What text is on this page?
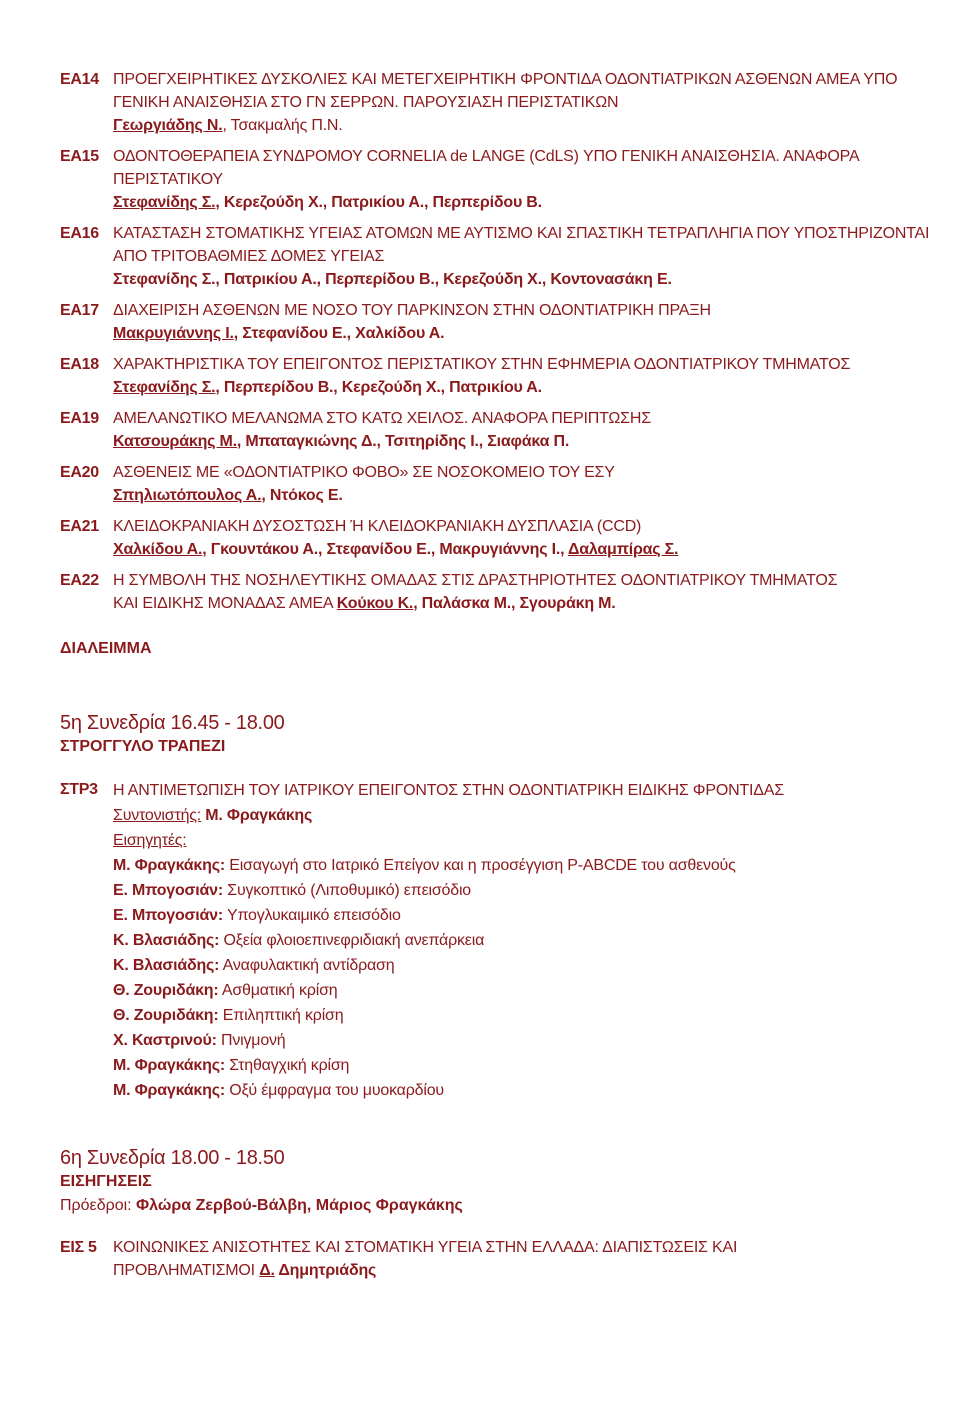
ΕΑ14 ΠΡΟΕΓΧΕΙΡΗΤΙΚΕΣ ΔΥΣΚΟΛΙΕΣ ΚΑΙ ΜΕΤΕΓΧΕΙΡΗΤΙΚΗ ΦΡΟΝΤΙΔΑ ΟΔΟΝΤΙΑΤΡΙΚΩΝ ΑΣΘΕΝΩΝ ΑΜΕΑ ΥΠΟ ΓΕΝΙΚΗ ΑΝΑΙΣΘΗΣΙΑ ΣΤΟ ΓΝ ΣΕΡΡΩΝ. ΠΑΡΟΥΣΙΑΣΗ ΠΕΡΙΣΤΑΤΙΚΩΝ
Γεωργιάδης Ν., Τσακμαλής Π.Ν.
ΕΑ15 ΟΔΟΝΤΟΘΕΡΑΠΕΙΑ ΣΥΝΔΡΟΜΟΥ CORNELIA de LANGE (CdLS) ΥΠΟ ΓΕΝΙΚΗ ΑΝΑΙΣΘΗΣΙΑ. ΑΝΑΦΟΡΑ ΠΕΡΙΣΤΑΤΙΚΟΥ
Στεφανίδης Σ., Κερεζούδη Χ., Πατρικίου Α., Περπερίδου Β.
ΕΑ16 ΚΑΤΑΣΤΑΣΗ ΣΤΟΜΑΤΙΚΗΣ ΥΓΕΙΑΣ ΑΤΟΜΩΝ ΜΕ ΑΥΤΙΣΜΟ ΚΑΙ ΣΠΑΣΤΙΚΗ ΤΕΤΡΑΠΛΗΓΙΑ ΠΟΥ ΥΠΟΣΤΗΡΙΖΟΝΤΑΙ ΑΠΟ ΤΡΙΤΟΒΑΘΜΙΕΣ ΔΟΜΕΣ ΥΓΕΙΑΣ
Στεφανίδης Σ., Πατρικίου Α., Περπερίδου Β., Κερεζούδη Χ., Κοντονασάκη Ε.
ΕΑ17 ΔΙΑΧΕΙΡΙΣΗ ΑΣΘΕΝΩΝ ΜΕ ΝΟΣΟ ΤΟΥ ΠΑΡΚΙΝΣΟΝ ΣΤΗΝ ΟΔΟΝΤΙΑΤΡΙΚΗ ΠΡΑΞΗ
Μακρυγιάννης Ι., Στεφανίδου Ε., Χαλκίδου Α.
ΕΑ18 ΧΑΡΑΚΤΗΡΙΣΤΙΚΑ ΤΟΥ ΕΠΕΙΓΟΝΤΟΣ ΠΕΡΙΣΤΑΤΙΚΟΥ ΣΤΗΝ ΕΦΗΜΕΡΙΑ ΟΔΟΝΤΙΑΤΡΙΚΟΥ ΤΜΗΜΑΤΟΣ
Στεφανίδης Σ., Περπερίδου Β., Κερεζούδη Χ., Πατρικίου Α.
ΕΑ19 ΑΜΕΛΑΝΩΤΙΚΟ ΜΕΛΑΝΩΜΑ ΣΤΟ ΚΑΤΩ ΧΕΙΛΟΣ. ΑΝΑΦΟΡΑ ΠΕΡΙΠΤΩΣΗΣ
Κατσουράκης Μ., Μπαταγκιώνης Δ., Τσιτηρίδης Ι., Σιαφάκα Π.
ΕΑ20 ΑΣΘΕΝΕΙΣ ΜΕ «ΟΔΟΝΤΙΑΤΡΙΚΟ ΦΟΒΟ» ΣΕ ΝΟΣΟΚΟΜΕΙΟ ΤΟΥ ΕΣΥ
Σπηλιωτόπουλος Α., Ντόκος Ε.
ΕΑ21 ΚΛΕΙΔΟΚΡΑΝΙΑΚΗ ΔΥΣΟΣΤΩΣΗ Ή ΚΛΕΙΔΟΚΡΑΝΙΑΚΗ ΔΥΣΠΛΑΣΙΑ (CCD)
Χαλκίδου Α., Γκουντάκου Α., Στεφανίδου Ε., Μακρυγιάννης Ι., Δαλαμπίρας Σ.
ΕΑ22 Η ΣΥΜΒΟΛΗ ΤΗΣ ΝΟΣΗΛΕΥΤΙΚΗΣ ΟΜΑΔΑΣ ΣΤΙΣ ΔΡΑΣΤΗΡΙΟΤΗΤΕΣ ΟΔΟΝΤΙΑΤΡΙΚΟΥ ΤΜΗΜΑΤΟΣ
ΚΑΙ ΕΙΔΙΚΗΣ ΜΟΝΑΔΑΣ ΑΜΕΑ Κούκου Κ., Παλάσκα Μ., Σγουράκη Μ.
ΔΙΑΛΕΙΜΜΑ
5η Συνεδρία 16.45 - 18.00
ΣΤΡΟΓΓΥΛΟ ΤΡΑΠΕΖΙ
ΣΤΡ3 Η ΑΝΤΙΜΕΤΩΠΙΣΗ ΤΟΥ ΙΑΤΡΙΚΟΥ ΕΠΕΙΓΟΝΤΟΣ ΣΤΗΝ ΟΔΟΝΤΙΑΤΡΙΚΗ ΕΙΔΙΚΗΣ ΦΡΟΝΤΙΔΑΣ
Συντονιστής: Μ. Φραγκάκης
Εισηγητές:
Μ. Φραγκάκης: Εισαγωγή στο Ιατρικό Επείγον και η προσέγγιση P-ABCDE του ασθενούς
Ε. Μπογοσιάν: Συγκοπτικό (Λιποθυμικό) επεισόδιο
Ε. Μπογοσιάν: Υπογλυκαιμικό επεισόδιο
Κ. Βλασιάδης: Οξεία φλοιοεπινεφριδιακή ανεπάρκεια
Κ. Βλασιάδης: Αναφυλακτική αντίδραση
Θ. Ζουριδάκη: Ασθματική κρίση
Θ. Ζουριδάκη: Επιληπτική κρίση
Χ. Καστρινού: Πνιγμονή
Μ. Φραγκάκης: Στηθαγχική κρίση
Μ. Φραγκάκης: Οξύ έμφραγμα του μυοκαρδίου
6η Συνεδρία 18.00 - 18.50
ΕΙΣΗΓΗΣΕΙΣ
Πρόεδροι: Φλώρα Ζερβού-Βάλβη, Μάριος Φραγκάκης
ΕΙΣ 5	ΚΟΙΝΩΝΙΚΕΣ ΑΝΙΣΟΤΗΤΕΣ ΚΑΙ ΣΤΟΜΑΤΙΚΗ ΥΓΕΙΑ ΣΤΗΝ ΕΛΛΑΔΑ: ΔΙΑΠΙΣΤΩΣΕΙΣ ΚΑΙ
ΠΡΟΒΛΗΜΑΤΙΣΜΟΙ Δ. Δημητριάδης
